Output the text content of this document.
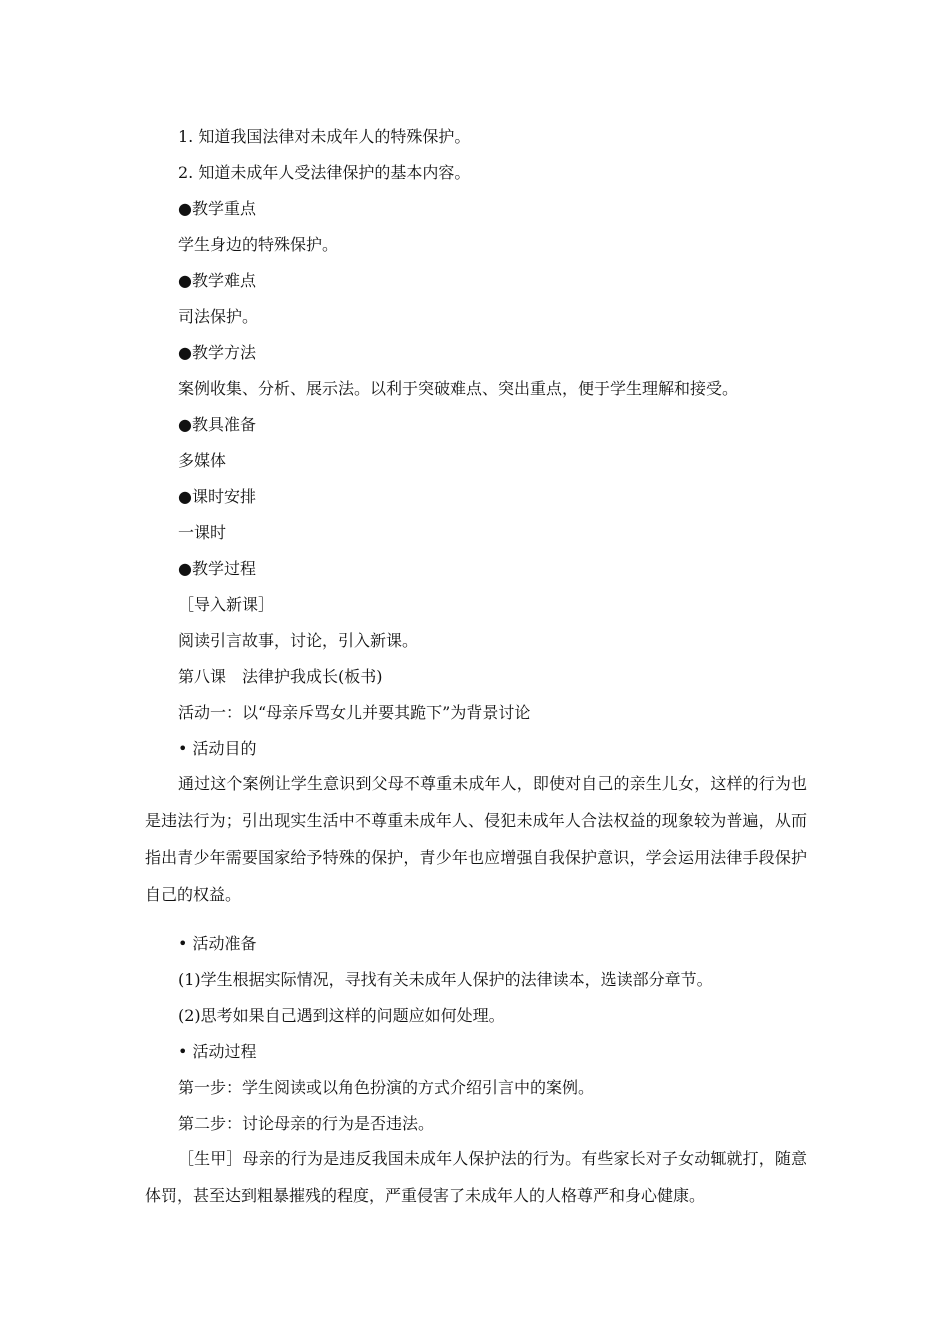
1. 知道我国法律对未成年人的特殊保护。

2. 知道未成年人受法律保护的基本内容。

●教学重点

学生身边的特殊保护。

●教学难点

司法保护。

●教学方法

案例收集、分析、展示法。以利于突破难点、突出重点，便于学生理解和接受。

●教具准备

多媒体

●课时安排

一课时

●教学过程

［导入新课］

阅读引言故事，讨论，引入新课。

第八课　法律护我成长(板书)

活动一：以“母亲斥骂女儿并要其跪下”为背景讨论

• 活动目的

通过这个案例让学生意识到父母不尊重未成年人，即使对自己的亲生儿女，这样的行为也是违法行为；引出现实生活中不尊重未成年人、侵犯未成年人合法权益的现象较为普遍，从而指出青少年需要国家给予特殊的保护，青少年也应增强自我保护意识，学会运用法律手段保护自己的权益。

• 活动准备

(1)学生根据实际情况，寻找有关未成年人保护的法律读本，选读部分章节。

(2)思考如果自己遇到这样的问题应如何处理。

• 活动过程

第一步：学生阅读或以角色扮演的方式介绍引言中的案例。

第二步：讨论母亲的行为是否违法。

［生甲］母亲的行为是违反我国未成年人保护法的行为。有些家长对子女动辄就打，随意体罚，甚至达到粗暴摧残的程度，严重侵害了未成年人的人格尊严和身心健康。
